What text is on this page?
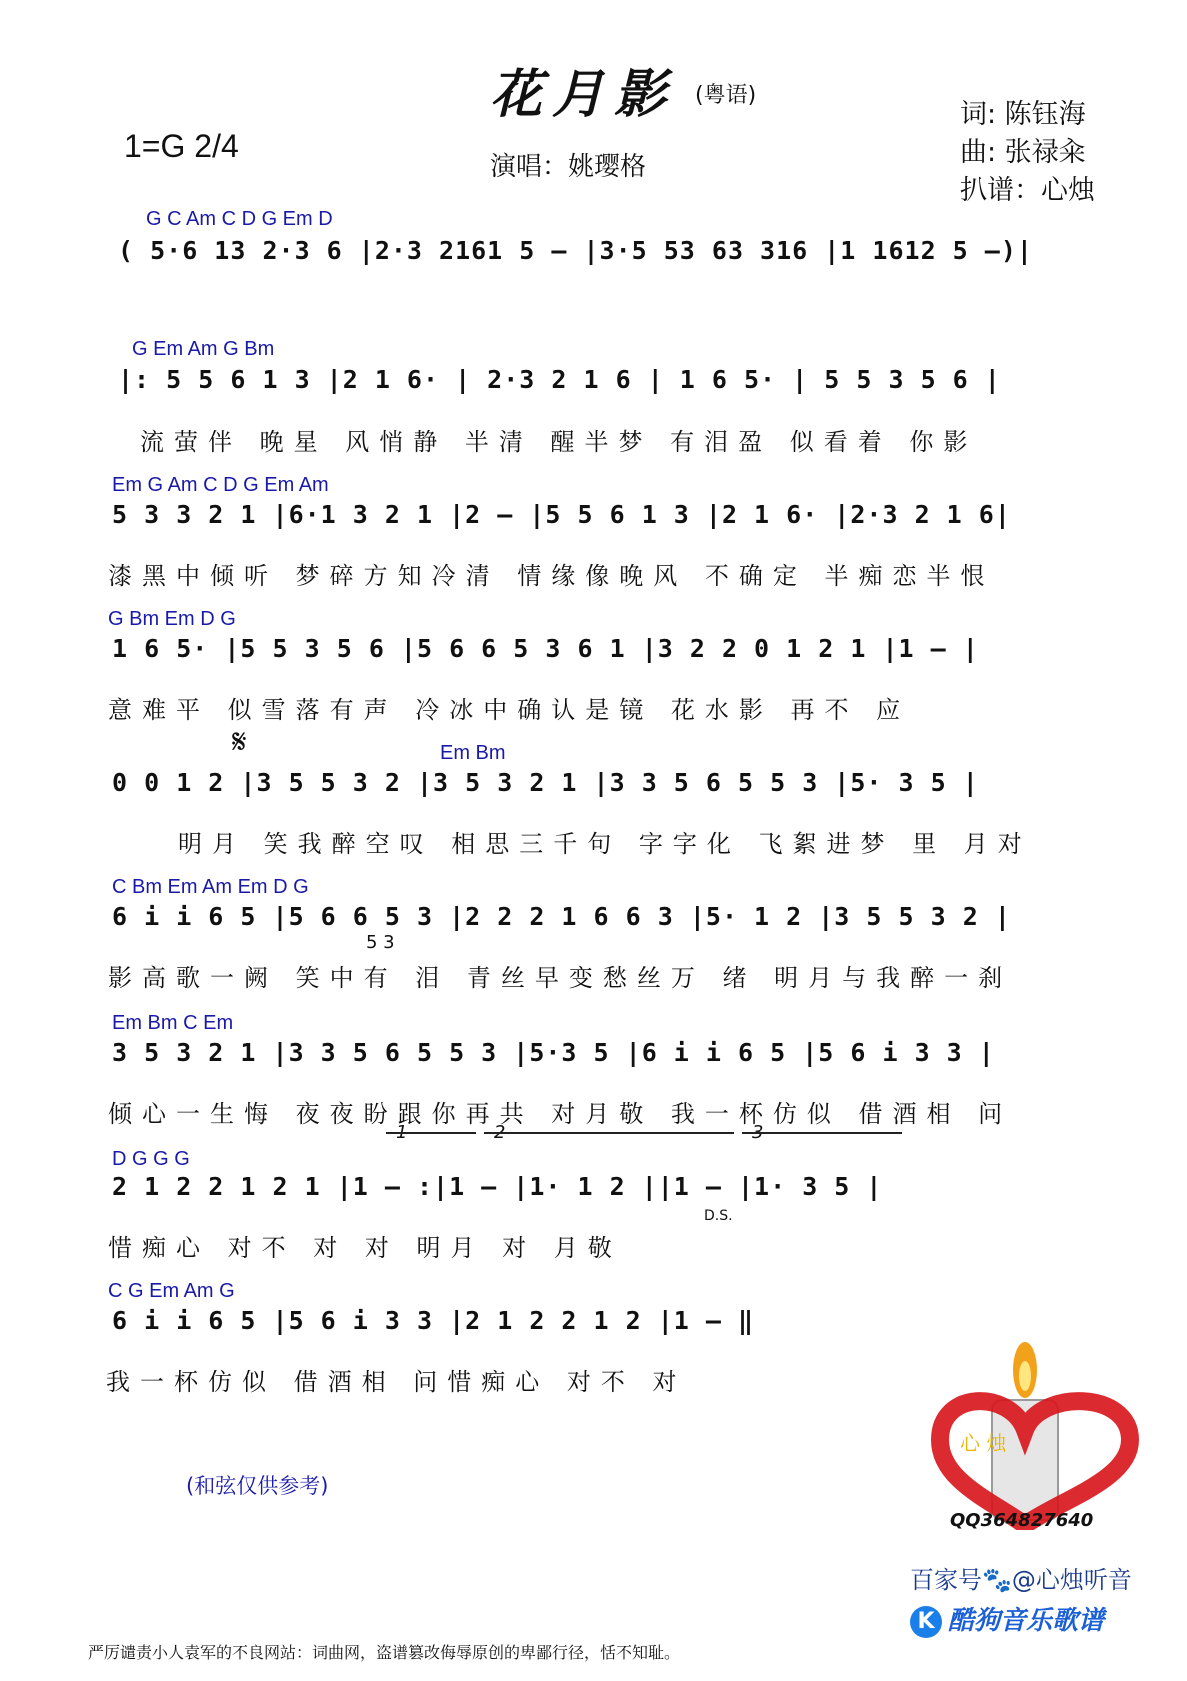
花月影 (粤语)
1=G 2/4
演唱：姚璎格
词: 陈钰海
曲: 张禄籴
扒谱：心烛
G C Am C D G Em D
( 5·6 13 2·3 6 |2·3 2161 5 – |3·5 53 63 316 |1 1612 5 –)|
G Em Am G Bm
|: 5 5 6 1 3 |2 1 6· | 2·3 2 1 6 | 1 6 5· | 5 5 3 5 6 |
流萤伴 晚星 风悄静 半清 醒半梦 有泪盈 似看着 你影
Em G Am C D G Em Am
5 3 3 2 1 |6·1 3 2 1 |2 – |5 5 6 1 3 |2 1 6· |2·3 2 1 6|
漆黑中倾听 梦碎方知冷清 情缘像晚风 不确定 半痴恋半恨
G Bm Em D G
1 6 5· |5 5 3 5 6 |5 6 6 5 3 6 1 |3 2 2 0 1 2 1 |1 – |
意难平 似雪落有声 冷冰中确认是镜 花水影 再不 应
𝄋	Em Bm
0 0 1 2 |3 5 5 3 2 |3 5 3 2 1 |3 3 5 6 5 5 3 |5· 3 5 |
明月 笑我醉空叹 相思三千句 字字化 飞絮进梦 里 月对
C Bm Em Am Em D G
6 i i 6 5 |5 6 6 5 3 |2 2 2 1 6 6 3 |5· 1 2 |3 5 5 3 2 |
5 3
影高歌一阙 笑中有 泪 青丝早变愁丝万 绪 明月与我醉一刹
Em Bm C Em
3 5 3 2 1 |3 3 5 6 5 5 3 |5·3 5 |6 i i 6 5 |5 6 i 3 3 |
倾心一生悔 夜夜盼跟你再共 对月敬 我一杯仿似 借酒相 问
1	2	3
D G G G
2 1 2 2 1 2 1 |1 – :|1 – |1· 1 2 ||1 – |1· 3 5 |
D.S.
惜痴心 对不 对 对 明月 对 月敬
C G Em Am G
6 i i 6 5 |5 6 i 3 3 |2 1 2 2 1 2 |1 – ‖
我一杯仿似 借酒相 问惜痴心 对不 对
(和弦仅供参考)
心 烛
QQ364827640
百家号🐾@心烛听音
K 酷狗音乐歌谱
严厉谴责小人袁军的不良网站：词曲网，盗谱篡改侮辱原创的卑鄙行径，恬不知耻。
